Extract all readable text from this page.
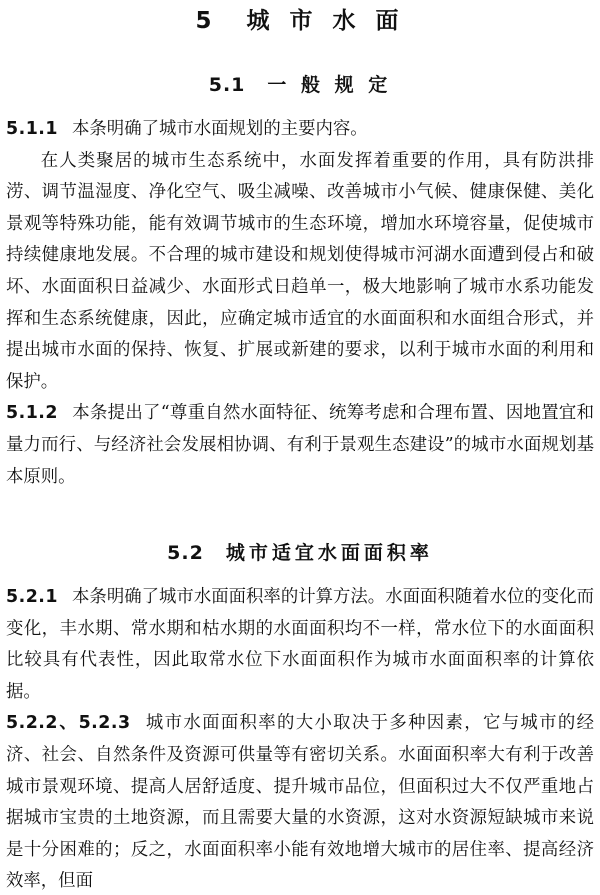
5　城 市 水 面
5.1 一 般 规 定

5.1.1 本条明确了城市水面规划的主要内容。

在人类聚居的城市生态系统中，水面发挥着重要的作用，具有防洪排涝、调节温湿度、净化空气、吸尘减噪、改善城市小气候、健康保健、美化景观等特殊功能，能有效调节城市的生态环境，增加水环境容量，促使城市持续健康地发展。不合理的城市建设和规划使得城市河湖水面遭到侵占和破坏、水面面积日益减少、水面形式日趋单一，极大地影响了城市水系功能发挥和生态系统健康，因此，应确定城市适宜的水面面积和水面组合形式，并提出城市水面的保持、恢复、扩展或新建的要求，以利于城市水面的利用和保护。

5.1.2 本条提出了“尊重自然水面特征、统筹考虑和合理布置、因地置宜和量力而行、与经济社会发展相协调、有利于景观生态建设”的城市水面规划基本原则。

5.2 城市适宜水面面积率

5.2.1 本条明确了城市水面面积率的计算方法。水面面积随着水位的变化而变化，丰水期、常水期和枯水期的水面面积均不一样，常水位下的水面面积比较具有代表性，因此取常水位下水面面积作为城市水面面积率的计算依据。

5.2.2、5.2.3 城市水面面积率的大小取决于多种因素，它与城市的经济、社会、自然条件及资源可供量等有密切关系。水面面积率大有利于改善城市景观环境、提高人居舒适度、提升城市品位，但面积过大不仅严重地占据城市宝贵的土地资源，而且需要大量的水资源，这对水资源短缺城市来说是十分困难的；反之，水面面积率小能有效地增大城市的居住率、提高经济效率，但面
